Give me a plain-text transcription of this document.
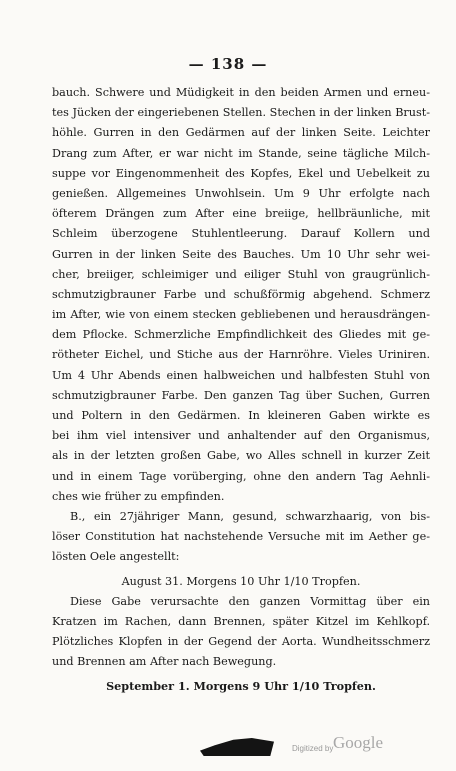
— 138 —
bauch. Schwere und Müdigkeit in den beiden Armen und erneu-
tes Jücken der eingeriebenen Stellen. Stechen in der linken Brust-
höhle. Gurren in den Gedärmen auf der linken Seite. Leichter
Drang zum After, er war nicht im Stande, seine tägliche Milch-
suppe vor Eingenommenheit des Kopfes, Ekel und Uebelkeit zu
genießen. Allgemeines Unwohlsein. Um 9 Uhr erfolgte nach
öfterem Drängen zum After eine breiige, hellbräunliche, mit
Schleim überzogene Stuhlentleerung. Darauf Kollern und
Gurren in der linken Seite des Bauches. Um 10 Uhr sehr wei-
cher, breiiger, schleimiger und eiliger Stuhl von graugrünlich-
schmutzigbrauner Farbe und schußförmig abgehend. Schmerz
im After, wie von einem stecken gebliebenen und herausdrängen-
dem Pflocke. Schmerzliche Empfindlichkeit des Gliedes mit ge-
rötheter Eichel, und Stiche aus der Harnröhre. Vieles Uriniren.
Um 4 Uhr Abends einen halbweichen und halbfesten Stuhl von
schmutzigbrauner Farbe. Den ganzen Tag über Suchen, Gurren
und Poltern in den Gedärmen. In kleineren Gaben wirkte es
bei ihm viel intensiver und anhaltender auf den Organismus,
als in der letzten großen Gabe, wo Alles schnell in kurzer Zeit
und in einem Tage vorüberging, ohne den andern Tag Aehnli-
ches wie früher zu empfinden.
B., ein 27jähriger Mann, gesund, schwarzhaarig, von bis-
löser Constitution hat nachstehende Versuche mit im Aether ge-
lösten Oele angestellt:
August 31. Morgens 10 Uhr 1/10 Tropfen.
Diese Gabe verursachte den ganzen Vormittag über ein
Kratzen im Rachen, dann Brennen, später Kitzel im Kehlkopf.
Plötzliches Klopfen in der Gegend der Aorta. Wundheitsschmerz
und Brennen am After nach Bewegung.
September 1. Morgens 9 Uhr 1/10 Tropfen.
Digitized by Google
